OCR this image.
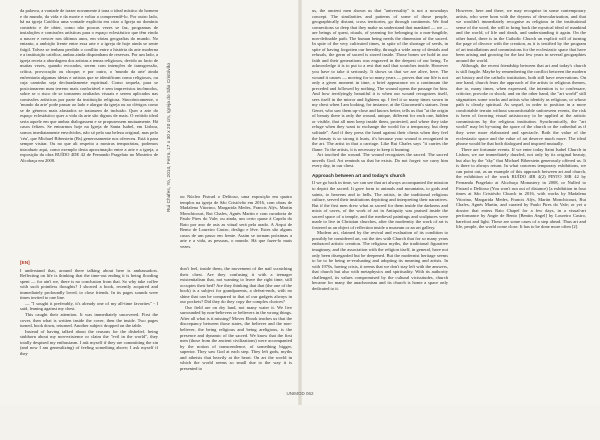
Rui Chafes, Yo, 2014, Ferro, 17 x 30 x 20 cm, Igreja do São Cristóvão

da palavra, a vontade de trazer novamente à tona o ideal místico do homem e do mundo, da vida e da morte e voltar a compreendê-lo. Por outro lado, há na igreja Católica uma vontade explícita em criar a Igreja no domínio contrário e de obter, como não poucas vezes se faz, programas de instalações e comissões artísticas para o espaço eclesiástico que têm vindo a nascer e crescer nos últimos anos, em várias geografias do mundo. No entanto, a ambição frente entre essa arte e a igreja de hoje ainda se sente frágil. Talvez se tenham perdido o conflito entre a história da arte moderna e a instituição católica, ambas ainda dispomham de reservas. Por um lado, a igreja receia a abordagem dos artistas a temas religiosos, devido ao facto de muitas vezes, quando evocados, serem com intenções de transgressão, crítica, provocação ou choque; e por outro, o 'mundo da arte' ainda enfrentaria algumas ideias e artistas que se identificam como religiosos, ou cuja caminho seja declaradamente espiritual. Como sequela, para se posicionarem num terreno mais confortável e sem imprevistos incômodos, sobre se o risco de se tornarem avaliados visuais e serem aplicados nas comissões artísticas por parte da instituição religiosa. Sincrónicamente, o 'mundo da arte' pode passar ao lado e alargar da igreja ou ao clérigos como se de géneros mais afastados se tratassem de inclusão. Quer a arte do espaço eclesiástico quer a vida da arte são dignos de mais. O erótido ideal seria aquele em que ambas dialogassem e se propusessem mutuamente. Há casos felizes. Se entrarmos hoje na Igreja de Santa Isabel, em Lisboa, somos imediatamente envolvidos, não só pela sua beleza original, mas pelo 'céu', que Michael Biberstein (Bs) generosamente nos ofereceu. Está à para sempre visitar. Ou no que ali respeito a mostras temporárias, podemos introduzir aqui, como exemplo desta aproximação entre a arte e a igreja, a exposição da obra RUÍDO 4DE 42 de Fernando Pragelato no Mosteiro de Alcobaça em 2008.

ou Núcleo Fistrad o Delitoso, uma exposição em quatro templos na igreja de São Cristóvão em 2016, com obras de Madalena Vitorino, Margarida Medes, Francis Alÿs, Martin Monchicourt, Rui Chafes, Agnès Martin e com curadoria de Paulo Pires do Vale; ou ainda, um certo quase à Capela do Rato por ano de asis as vitual será pela arado. A Arqui de Bento de Loureiro Castro, desligo e lêve. Estes são alguns casos de um passo em frente. Assim se tornam próximas a arte e a vida, as pessoas, o mundo. Há que fazer-lo mais vezes.

[EN]

I understand that, around there talking about here is ambassadors. Reflecting on life is thinking that the time-out ending it is being flooding spent — for ain't we, there is no conclusion from that. So why take coffee with such pointless thoughts? I showed a book, recently acquired and immediately profoundly loved, to close friends. In its pages sounds were times invited to one line.

— "I sought it preferably, it's already one of my all-time favorites" - I said, leaning against my chest.

This caught their attention. It was immediately uncovered. First the cover, then what is written inside the cover, then the inside. Two pages turned, book down, returned. Another subject dropped on the table.

Instead of having talked about the reasons for the disbelief, being stubborn about my non-existence or claim the "evil in the world", they totally despised my enthusiasm. I ask myself if they are committing the sin (and now I am generalizing) of feeling something above; I ask myself if they

don't feel, inside them, the movement of the nail scratching their chest. Are they confusing it with a teenager existentialism that, not wanting to leave the right time, still occupies their bed? Are they thinking that that (the one of the book) is a subject for grandparents, a defeat-ends, with no shine that can be compared to that of our gadgets always in our pockets? Did they do they copy the complex choices?

Our field are on dry land, not many water it. We live surrounded by non-believers or believers in the wrong things. After all what is it missing? Moves Ebook teaches us that the discrepancy between those states, the believer and the non-believer, the being religious and being areligious, is the presence and dynamic of the sacred. We know that the first men (those from the ancient civilizations) were accompanied by the notion of transcendence, of something bigger, superior. They saw God at each step. They left gods, myths and atheists that heavily at the heart. On art the world in which the world seems so small due to the way it is presented to

us, the ancient men shown us that "universality" is not a nowadays concept. The similarities and patterns of some of those people, geographically distant, cross territories, go through continents. We find connections so deep that they make us understand that mankind — we — are beings of quest, rituals, of yearning for belonging to a non-fungible, non-definable path. The human being needs the dimension of the sacred. In spite of the very cultivated times, in spite of the shortage of seeds, in spite of having forgotten our heredity, through a wide array of denials and refusals, the germ of sacred is stored inside. Those bones we hold in our faith and their generations was engraved in the deepest of our being. To acknowledge it is to put to a rest that nail that scratches inside. However you have to take it seriously. It shows us that we are alive, here. The wound it causes — moving for so many years — proves that our life is not only a given moment in time, a brief appearance on a continuum the preceded and followed by nothing. The wound opens the passage for him. And how terrifyingly beautiful it is when our wound recognizes itself, sees itself in the mirror and lightens up. I feel it so many times sworn in my chest when I am looking, for instance, at the Giacometti's statues. Jean Genet, who saw them up-close and knows better, tells us that "at the origin of beauty there is only the wound, unique, different for each one, hidden or visible, that all men keep inside them, protected, and where they take refuge when they want to exchange the world for a temporary, but deep solitude". And if they press the hand against their chests when they feel the beauty is so strong it hurts, it's because your wound is recognized in the art. The artist in that a carriage. Like Rui Chafes says "it carries the flame. To the artists, it is necessary to keep it burning.

Art touched the wound. The wound recognizes the sacred. The sacred unveils God. Art reminds us that he exists. Do not forget: we carry him every day, in our chest.

Approach between art and today's church

If we go back in time, we can see that art always accompanied the mission to depict the sacred. It gave form to animals and mountains, to gods and saints, to heavens and to hells. The artists, in the traditional religious culture, served their institutions depicting and interpreting their narratives. But if the first men drew what as sacred for them inside the darkness and mists of caves, of the work of art in Antiquity was praised inside the sacred space of a temple, and the medieval paintings and sculptures were made to live in Christian churches, after the modernity the work of art is fostered as an object of reflection inside a museum or an art gallery.

Modern art, claimed by the revival and evaluation of its condition to possibly be considered art, cut the ties with Church that for so many years embraced artistic creation. The religious myths, the traditional figurative imaginary, and the association with the religion itself, in general, have not only been disregarded but be deepened. But the modernist heritage seems to be to be being re-evaluating and adopting its meaning and artists. In with 1970s, having crisis, it seems that we don't stay left with the answers, that church but also with metaphysics and spirituality. With its authority challenged, its values compromised by the cultural vicissitudes, church became for many the anachronism and its church is home a space only dedicated to it.

However, here and there, we may recognise in some contemporary artists, who were born with the dryness of desecularization, and that we wouldn't immediately recognise as religious in the institutional sense of the word, the will to bring back the mystical ideal of mankind and the world, of life and death, and understanding it again. On the other hand, there is in the Catholic Church an explicit will of turning the page of divorce with the creation, as it is testified by the program of art installations and commissions for the ecclesiastic space that have been arising and growing for the last few years in several geographies around the world.

Although, the recent friendship between that art and today's church is still fragile. Maybe by remembering the conflict between the modern art history and the catholic institution, both still have reservations. On one hand, church fears the approach of the artists to religious themes, due to, many times, when expressed, the intention is to confessare, criticize, provoke or shock; and on the other hand, the "art world" still stigmatizes some works and artists who identify as religious, or whose path is clearly spiritual. As sequel, in order to position in a more comfortable terrain without uncomfortable unforeseen events, the risk is been of favoring visual artistocracy to be applied at the artistic commissions by the religious institution. Synchronically, the "art world" may let by-using the space of the church or the cathedral as if they were more elaborated and spectacle. Both the value of the ecclesiastic space and the value of art deserve much more. The ideal phrase would be that both dialogued and inspired mutually.

There are fortunate events. If we enter today Saint Isabel Church in Lisbon, we are immediately dazzled, not only by its original beauty, but also by the "sky" that Michael Biberstein generously offered us. It is there to always return. In what concerns temporary exhibitions, we can point out, as an example of this approach between art and church, the exhibition of the work RUÍDO 4IR 4(2) PINTO 38R 42 by Fernanda Pragelato at Alcobaça Monastery in 2008, or Nulled to Fistrad o Delitoso (You won't run out of distance) [a exhibition in four times at São Cristóvão Church in 2016, with works by Madalena Vitorino, Margarida Medes, Francis Alÿs, Martin Monchicourt, Rui Chafes, Agnès Martin, and curated by Paulo Pires do Vale; or yet a dossier that enters Rato Chapel for a few days, in a visual-art performance by Angie de Bento [Bentin Angel] by Loureiro Castro, barefoot and light. These are some cases of a step ahead. Thus art and life, people, the world come close. It has to be done more often [2].

UNIMOD 062
